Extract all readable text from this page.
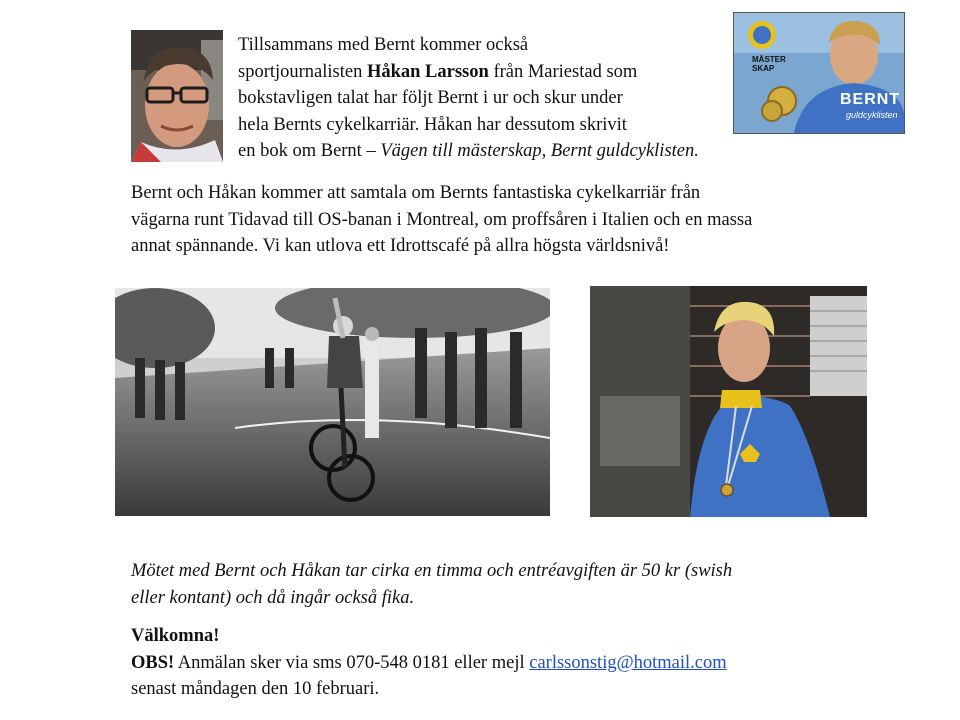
Tillsammans med Bernt kommer också
sportjournalisten Håkan Larsson från Mariestad som
bokstavligen talat har följt Bernt i ur och skur under
hela Bernts cykelkarriär. Håkan har dessutom skrivit
en bok om Bernt – Vägen till mästerskap, Bernt guldcyklisten.
MÄSTER
SKAP
BERNT
guldcyklisten
Bernt och Håkan kommer att samtala om Bernts fantastiska cykelkarriär från
vägarna runt Tidavad till OS-banan i Montreal, om proffsåren i Italien och en massa
annat spännande. Vi kan utlova ett Idrottscafé på allra högsta världsnivå!
Mötet med Bernt och Håkan tar cirka en timma och entréavgiften är 50 kr (swish
eller kontant) och då ingår också fika.
Välkomna!
OBS! Anmälan sker via sms 070-548 0181 eller mejl carlssonstig@hotmail.com
senast måndagen den 10 februari.
